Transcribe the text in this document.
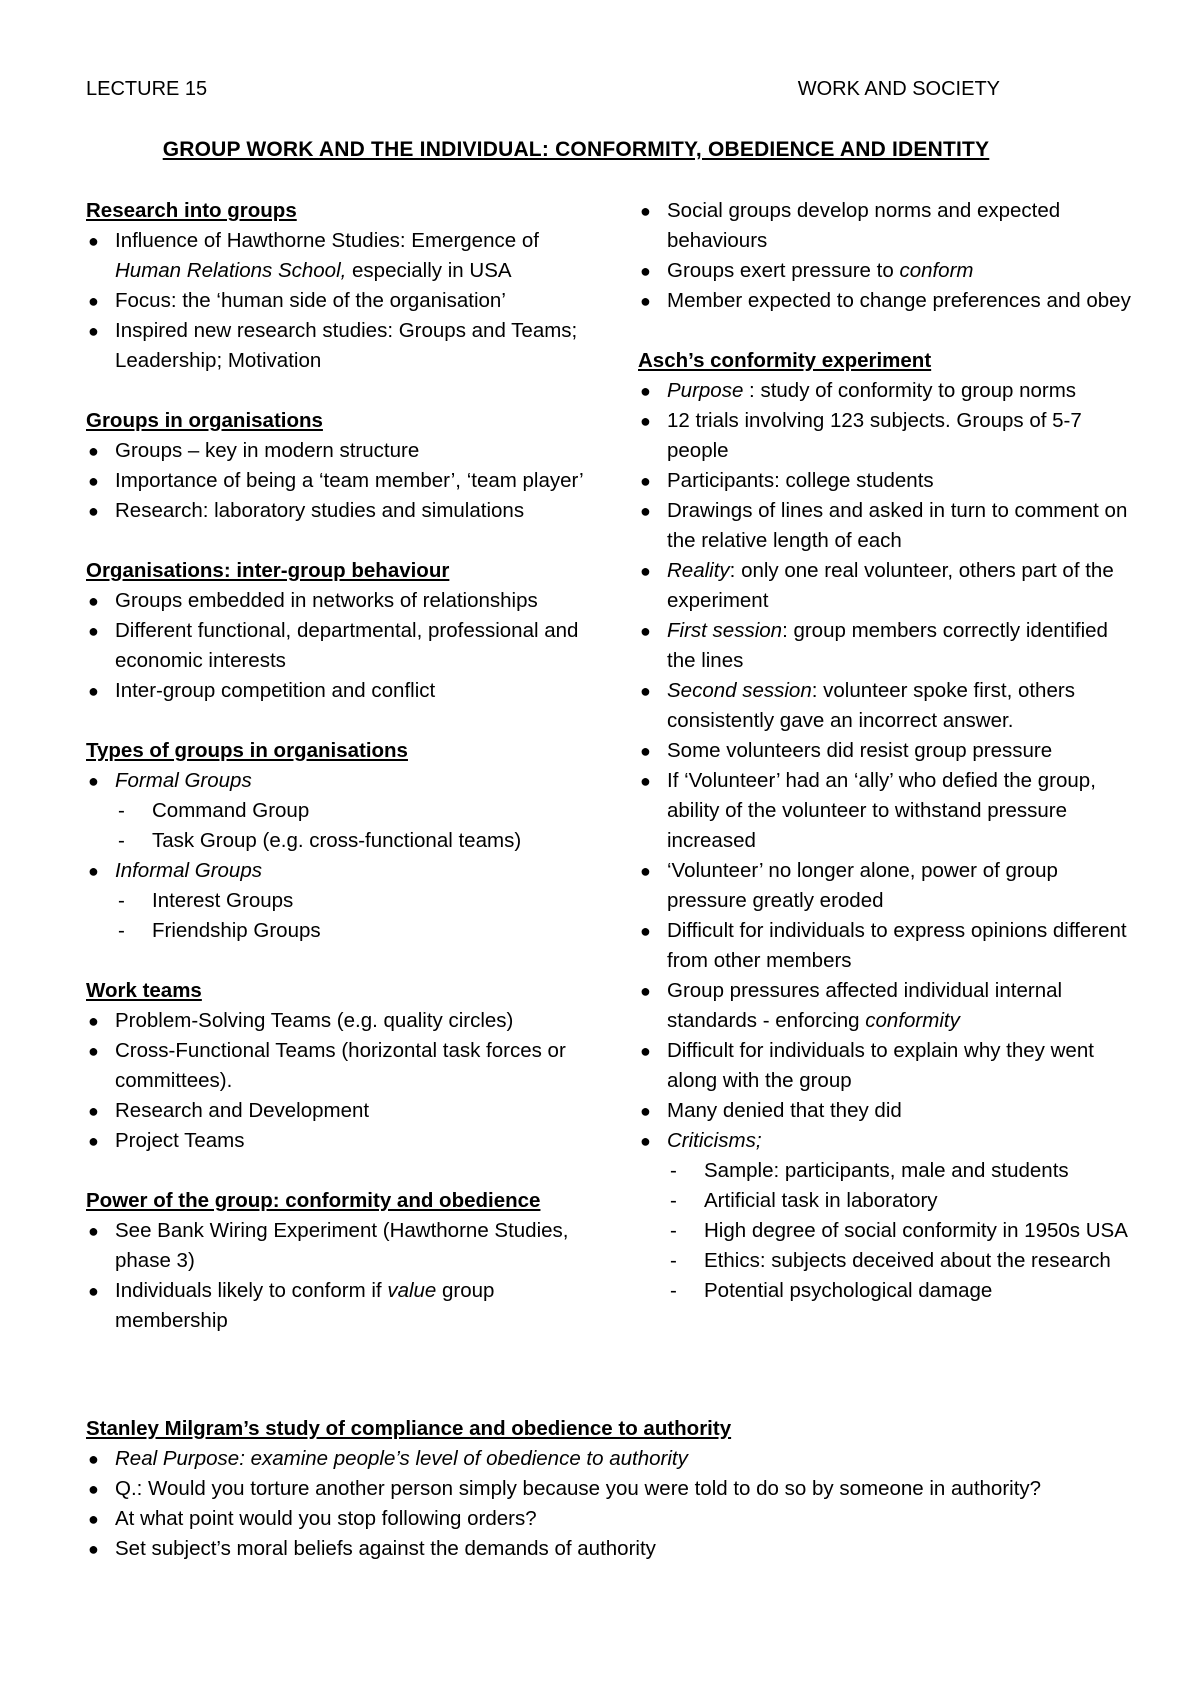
LECTURE 15	WORK AND SOCIETY
GROUP WORK AND THE INDIVIDUAL: CONFORMITY, OBEDIENCE AND IDENTITY
Research into groups
● Influence of Hawthorne Studies: Emergence of Human Relations School, especially in USA
● Focus: the ‘human side of the organisation’
● Inspired new research studies: Groups and Teams; Leadership; Motivation
Groups in organisations
● Groups – key in modern structure
● Importance of being a ‘team member’, ‘team player’
● Research: laboratory studies and simulations
Organisations: inter-group behaviour
● Groups embedded in networks of relationships
● Different functional, departmental, professional and economic interests
● Inter-group competition and conflict
Types of groups in organisations
● Formal Groups
- Command Group
- Task Group (e.g. cross-functional teams)
● Informal Groups
- Interest Groups
- Friendship Groups
Work teams
● Problem-Solving Teams (e.g. quality circles)
● Cross-Functional Teams (horizontal task forces or committees).
● Research and Development
● Project Teams
Power of the group: conformity and obedience
● See Bank Wiring Experiment (Hawthorne Studies, phase 3)
● Individuals likely to conform if value group membership
● Social groups develop norms and expected behaviours
● Groups exert pressure to conform
● Member expected to change preferences and obey
Asch’s conformity experiment
● Purpose : study of conformity to group norms
● 12 trials involving 123 subjects. Groups of 5-7 people
● Participants: college students
● Drawings of lines and asked in turn to comment on the relative length of each
● Reality: only one real volunteer, others part of the experiment
● First session: group members correctly identified the lines
● Second session: volunteer spoke first, others consistently gave an incorrect answer.
● Some volunteers did resist group pressure
● If ‘Volunteer’ had an ‘ally’ who defied the group, ability of the volunteer to withstand pressure increased
● ‘Volunteer’ no longer alone, power of group pressure greatly eroded
● Difficult for individuals to express opinions different from other members
● Group pressures affected individual internal standards - enforcing conformity
● Difficult for individuals to explain why they went along with the group
● Many denied that they did
● Criticisms;
- Sample: participants, male and students
- Artificial task in laboratory
- High degree of social conformity in 1950s USA
- Ethics: subjects deceived about the research
- Potential psychological damage
Stanley Milgram’s study of compliance and obedience to authority
● Real Purpose: examine people’s level of obedience to authority
● Q.: Would you torture another person simply because you were told to do so by someone in authority?
● At what point would you stop following orders?
● Set subject’s moral beliefs against the demands of authority
